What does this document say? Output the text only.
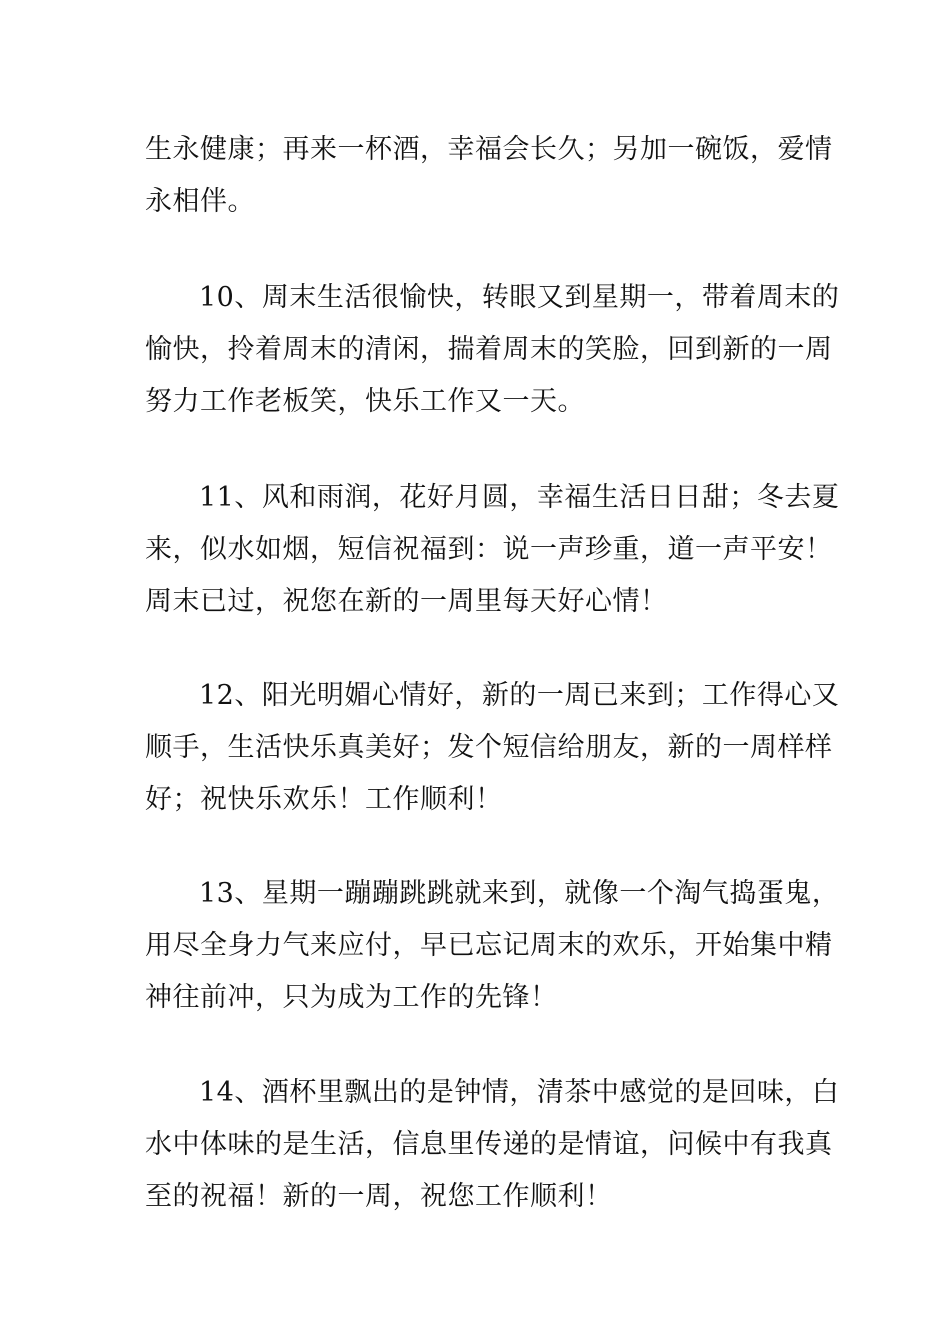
生永健康；再来一杯酒，幸福会长久；另加一碗饭，爱情
永相伴。
10、周末生活很愉快，转眼又到星期一，带着周末的
愉快，拎着周末的清闲，揣着周末的笑脸，回到新的一周
努力工作老板笑，快乐工作又一天。
11、风和雨润，花好月圆，幸福生活日日甜；冬去夏
来，似水如烟，短信祝福到：说一声珍重，道一声平安！
周末已过，祝您在新的一周里每天好心情！
12、阳光明媚心情好，新的一周已来到；工作得心又
顺手，生活快乐真美好；发个短信给朋友，新的一周样样
好；祝快乐欢乐！工作顺利！
13、星期一蹦蹦跳跳就来到，就像一个淘气捣蛋鬼，
用尽全身力气来应付，早已忘记周末的欢乐，开始集中精
神往前冲，只为成为工作的先锋！
14、酒杯里飘出的是钟情，清茶中感觉的是回味，白
水中体味的是生活，信息里传递的是情谊，问候中有我真
至的祝福！新的一周，祝您工作顺利！
